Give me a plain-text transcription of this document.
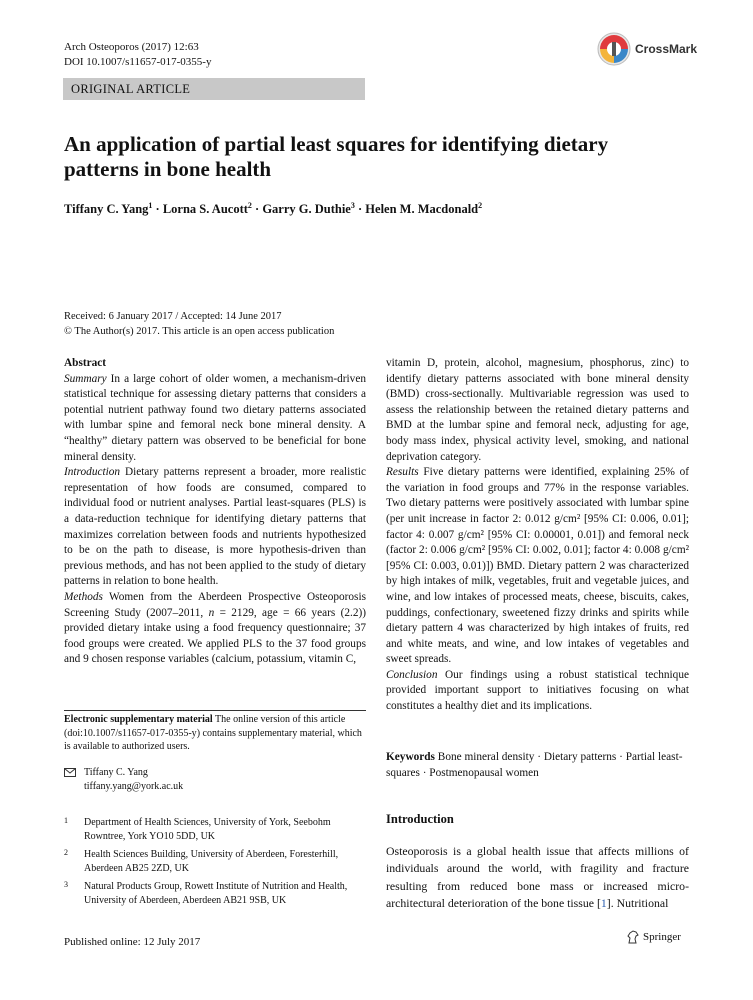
Arch Osteoporos (2017) 12:63
DOI 10.1007/s11657-017-0355-y
CrossMark
ORIGINAL ARTICLE
An application of partial least squares for identifying dietary patterns in bone health
Tiffany C. Yang$^1$ · Lorna S. Aucott$^2$ · Garry G. Duthie$^3$ · Helen M. Macdonald$^2$
Received: 6 January 2017 / Accepted: 14 June 2017
© The Author(s) 2017. This article is an open access publication

Abstract

Summary In a large cohort of older women, a mechanism-driven statistical technique for assessing dietary patterns that considers a potential nutrient pathway found two dietary patterns associated with lumbar spine and femoral neck bone mineral density. A “healthy” dietary pattern was observed to be beneficial for bone mineral density.

Introduction Dietary patterns represent a broader, more realistic representation of how foods are consumed, compared to individual food or nutrient analyses. Partial least-squares (PLS) is a data-reduction technique for identifying dietary patterns that maximizes correlation between foods and nutrients hypothesized to be on the path to disease, is more hypothesis-driven than previous methods, and has not been applied to the study of dietary patterns in relation to bone health.

Methods Women from the Aberdeen Prospective Osteoporosis Screening Study (2007–2011, n = 2129, age = 66 years (2.2)) provided dietary intake using a food frequency questionnaire; 37 food groups were created. We applied PLS to the 37 food groups and 9 chosen response variables (calcium, potassium, vitamin C,

vitamin D, protein, alcohol, magnesium, phosphorus, zinc) to identify dietary patterns associated with bone mineral density (BMD) cross-sectionally. Multivariable regression was used to assess the relationship between the retained dietary patterns and BMD at the lumbar spine and femoral neck, adjusting for age, body mass index, physical activity level, smoking, and national deprivation category.

Results Five dietary patterns were identified, explaining 25% of the variation in food groups and 77% in the response variables. Two dietary patterns were positively associated with lumbar spine (per unit increase in factor 2: 0.012 g/cm² [95% CI: 0.006, 0.01]; factor 4: 0.007 g/cm² [95% CI: 0.00001, 0.01]) and femoral neck (factor 2: 0.006 g/cm² [95% CI: 0.002, 0.01]; factor 4: 0.008 g/cm² [95% CI: 0.003, 0.01)]) BMD. Dietary pattern 2 was characterized by high intakes of milk, vegetables, fruit and vegetable juices, and wine, and low intakes of processed meats, cheese, biscuits, cakes, puddings, confectionary, sweetened fizzy drinks and spirits while dietary pattern 4 was characterized by high intakes of fruits, red and white meats, and wine, and low intakes of vegetables and sweet spreads.

Conclusion Our findings using a robust statistical technique provided important support to initiatives focusing on what constitutes a healthy diet and its implications.

Electronic supplementary material The online version of this article (doi:10.1007/s11657-017-0355-y) contains supplementary material, which is available to authorized users.
Tiffany C. Yang
tiffany.yang@york.ac.uk
1 Department of Health Sciences, University of York, Seebohm Rowntree, York YO10 5DD, UK
2 Health Sciences Building, University of Aberdeen, Foresterhill, Aberdeen AB25 2ZD, UK
3 Natural Products Group, Rowett Institute of Nutrition and Health, University of Aberdeen, Aberdeen AB21 9SB, UK
Keywords Bone mineral density · Dietary patterns · Partial least-squares · Postmenopausal women
Introduction
Osteoporosis is a global health issue that affects millions of individuals around the world, with fragility and fracture resulting from reduced bone mass or increased micro-architectural deterioration of the bone tissue [1]. Nutritional
Published online: 12 July 2017	Springer
